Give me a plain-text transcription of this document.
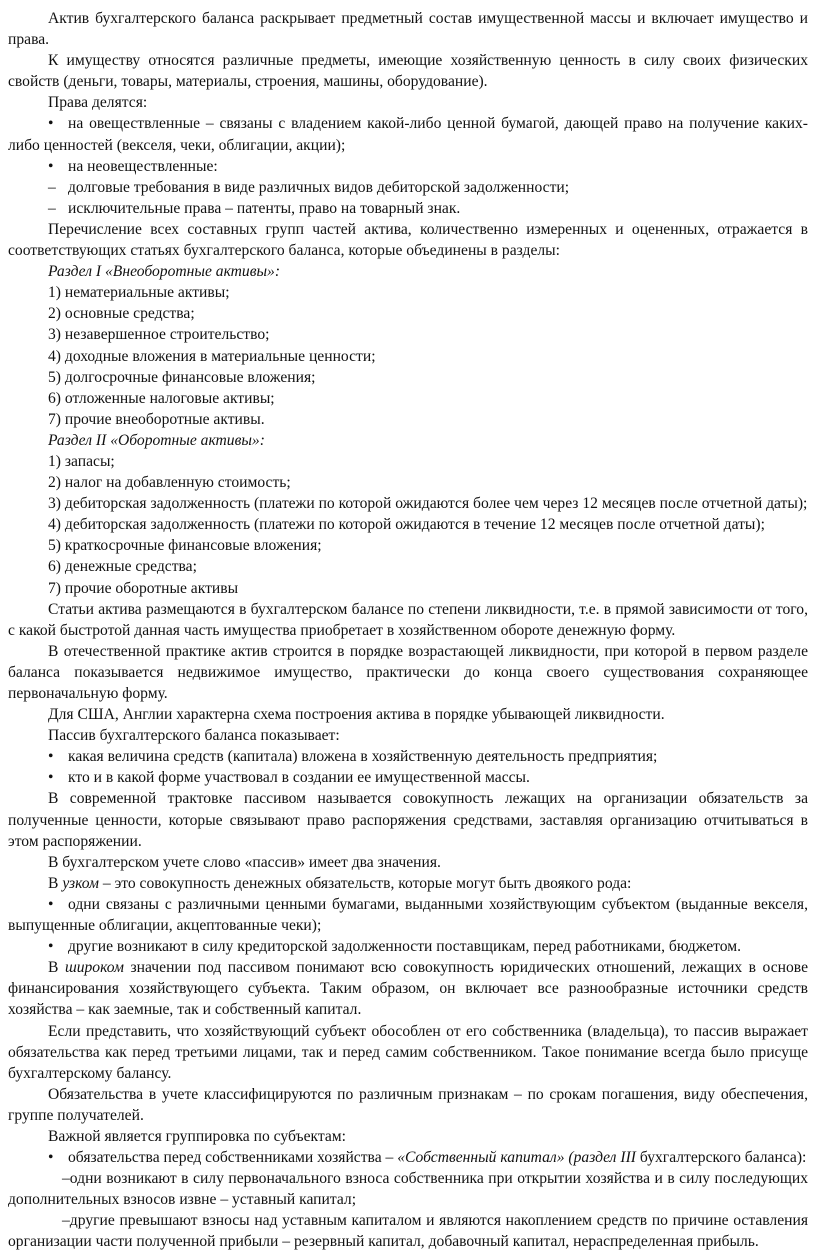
Актив бухгалтерского баланса раскрывает предметный состав имущественной массы и включает имущество и права.

К имуществу относятся различные предметы, имеющие хозяйственную ценность в силу своих физических свойств (деньги, товары, материалы, строения, машины, оборудование).

Права делятся:

• на овеществленные – связаны с владением какой-либо ценной бумагой, дающей право на получение каких-либо ценностей (векселя, чеки, облигации, акции);

• на неовеществленные:

– долговые требования в виде различных видов дебиторской задолженности;

– исключительные права – патенты, право на товарный знак.

Перечисление всех составных групп частей актива, количественно измеренных и оцененных, отражается в соответствующих статьях бухгалтерского баланса, которые объединены в разделы:

Раздел I «Внеоборотные активы»:

1) нематериальные активы;

2) основные средства;

3) незавершенное строительство;

4) доходные вложения в материальные ценности;

5) долгосрочные финансовые вложения;

6) отложенные налоговые активы;

7) прочие внеоборотные активы.

Раздел II «Оборотные активы»:

1) запасы;

2) налог на добавленную стоимость;

3) дебиторская задолженность (платежи по которой ожидаются более чем через 12 месяцев после отчетной даты);

4) дебиторская задолженность (платежи по которой ожидаются в течение 12 месяцев после отчетной даты);

5) краткосрочные финансовые вложения;

6) денежные средства;

7) прочие оборотные активы

Статьи актива размещаются в бухгалтерском балансе по степени ликвидности, т.е. в прямой зависимости от того, с какой быстротой данная часть имущества приобретает в хозяйственном обороте денежную форму.

В отечественной практике актив строится в порядке возрастающей ликвидности, при которой в первом разделе баланса показывается недвижимое имущество, практически до конца своего существования сохраняющее первоначальную форму.

Для США, Англии характерна схема построения актива в порядке убывающей ликвидности.

Пассив бухгалтерского баланса показывает:

• какая величина средств (капитала) вложена в хозяйственную деятельность предприятия;

• кто и в какой форме участвовал в создании ее имущественной массы.

В современной трактовке пассивом называется совокупность лежащих на организации обязательств за полученные ценности, которые связывают право распоряжения средствами, заставляя организацию отчитываться в этом распоряжении.

В бухгалтерском учете слово «пассив» имеет два значения.

В узком – это совокупность денежных обязательств, которые могут быть двоякого рода:

• одни связаны с различными ценными бумагами, выданными хозяйствующим субъектом (выданные векселя, выпущенные облигации, акцептованные чеки);

• другие возникают в силу кредиторской задолженности поставщикам, перед работниками, бюджетом.

В широком значении под пассивом понимают всю совокупность юридических отношений, лежащих в основе финансирования хозяйствующего субъекта. Таким образом, он включает все разнообразные источники средств хозяйства – как заемные, так и собственный капитал.

Если представить, что хозяйствующий субъект обособлен от его собственника (владельца), то пассив выражает обязательства как перед третьими лицами, так и перед самим собственником. Такое понимание всегда было присуще бухгалтерскому балансу.

Обязательства в учете классифицируются по различным признакам – по срокам погашения, виду обеспечения, группе получателей.

Важной является группировка по субъектам:

• обязательства перед собственниками хозяйства – «Собственный капитал» (раздел III бухгалтерского баланса):

–одни возникают в силу первоначального взноса собственника при открытии хозяйства и в силу последующих дополнительных взносов извне – уставный капитал;

–другие превышают взносы над уставным капиталом и являются накоплением средств по причине оставления организации части полученной прибыли – резервный капитал, добавочный капитал, нераспределенная прибыль.
